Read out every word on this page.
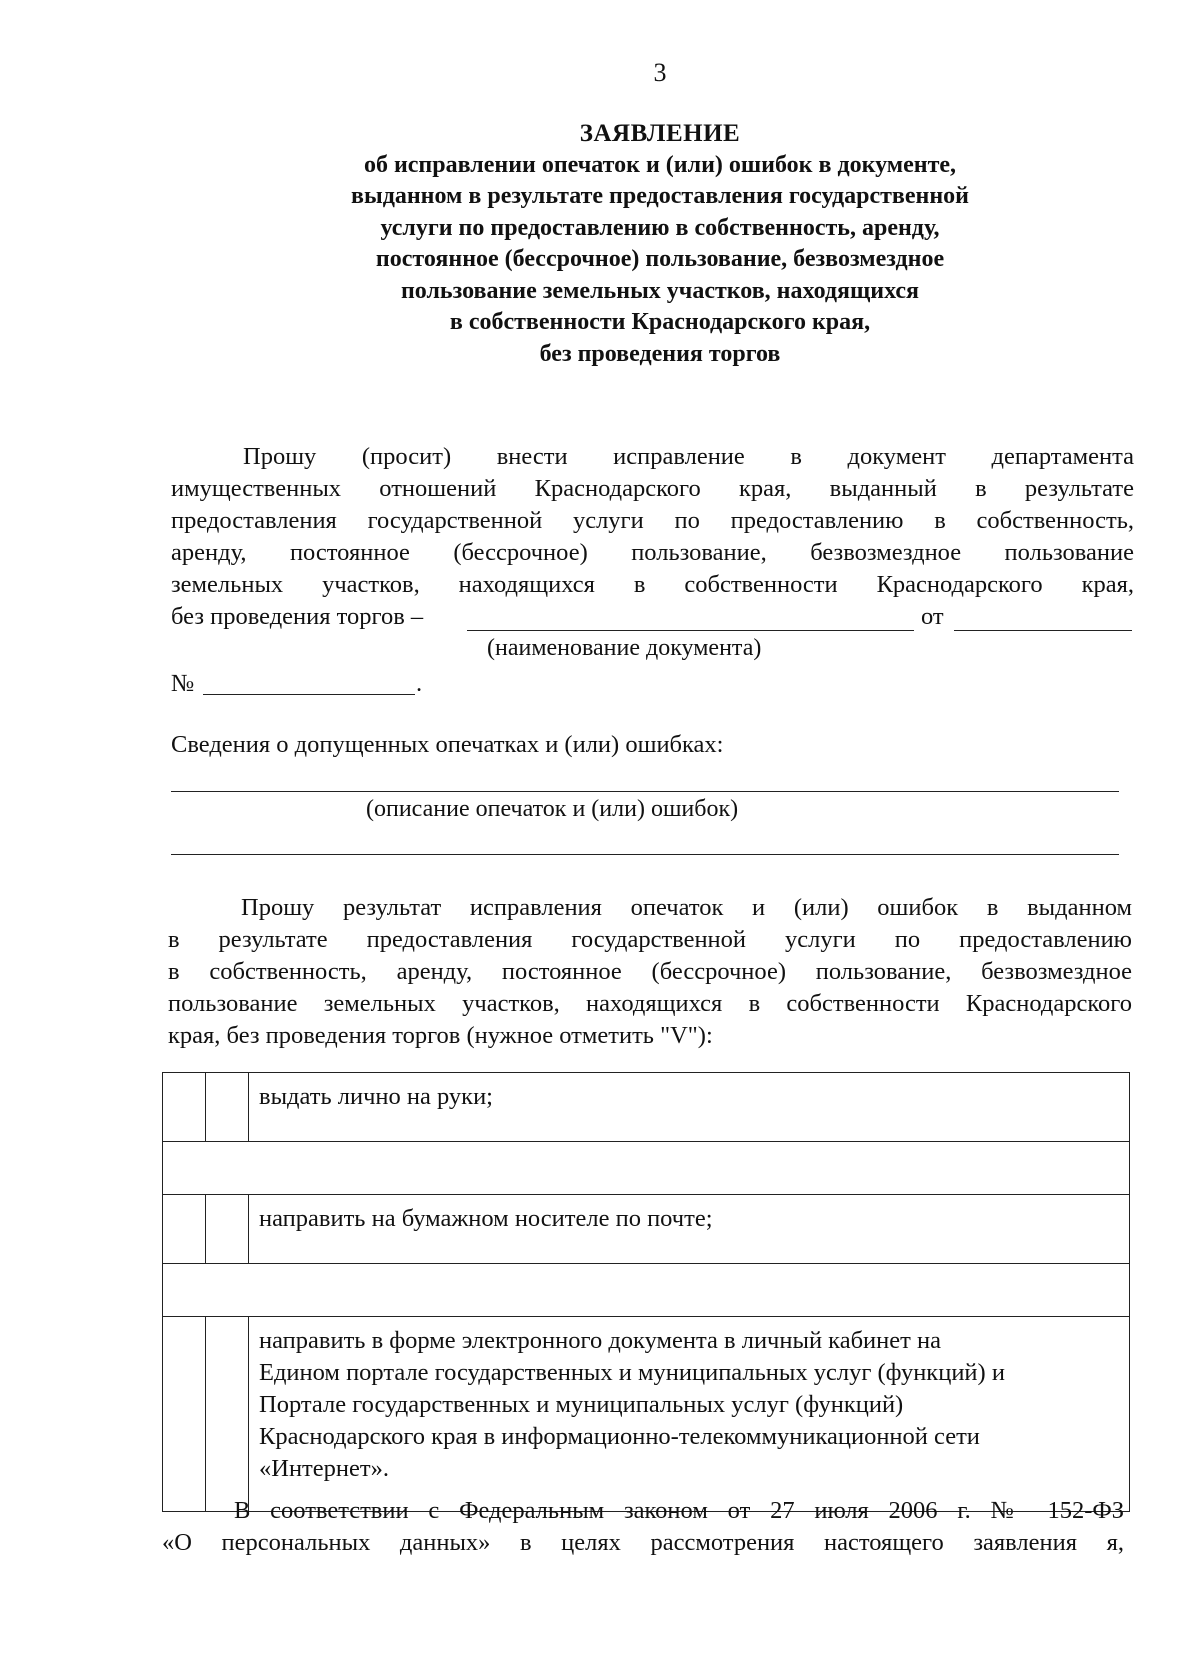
3
ЗАЯВЛЕНИЕ
об исправлении опечаток и (или) ошибок в документе,
выданном в результате предоставления государственной
услуги по предоставлению в собственность, аренду,
постоянное (бессрочное) пользование, безвозмездное
пользование земельных участков, находящихся
в собственности Краснодарского края,
без проведения торгов
Прошу (просит) внести исправление в документ департамента
имущественных отношений Краснодарского края, выданный в результате
предоставления государственной услуги по предоставлению в собственность,
аренду, постоянное (бессрочное) пользование, безвозмездное пользование
земельных участков, находящихся в собственности Краснодарского края,
без проведения торгов –	от
(наименование документа)
№	.
Сведения о допущенных опечатках и (или) ошибках:
(описание опечаток и (или) ошибок)
Прошу результат исправления опечаток и (или) ошибок в выданном
в результате предоставления государственной услуги по предоставлению
в собственность, аренду, постоянное (бессрочное) пользование, безвозмездное
пользование земельных участков, находящихся в собственности Краснодарского
края, без проведения торгов (нужное отметить "V"):
		выдать лично на руки;

		направить на бумажном носителе по почте;

		направить в форме электронного документа в личный кабинет на
Едином портале государственных и муниципальных услуг (функций) и
Портале государственных и муниципальных услуг (функций)
Краснодарского края в информационно-телекоммуникационной сети
«Интернет».
В соответствии с Федеральным законом от 27 июля 2006 г. № 152-ФЗ
«О персональных данных» в целях рассмотрения настоящего заявления я,
